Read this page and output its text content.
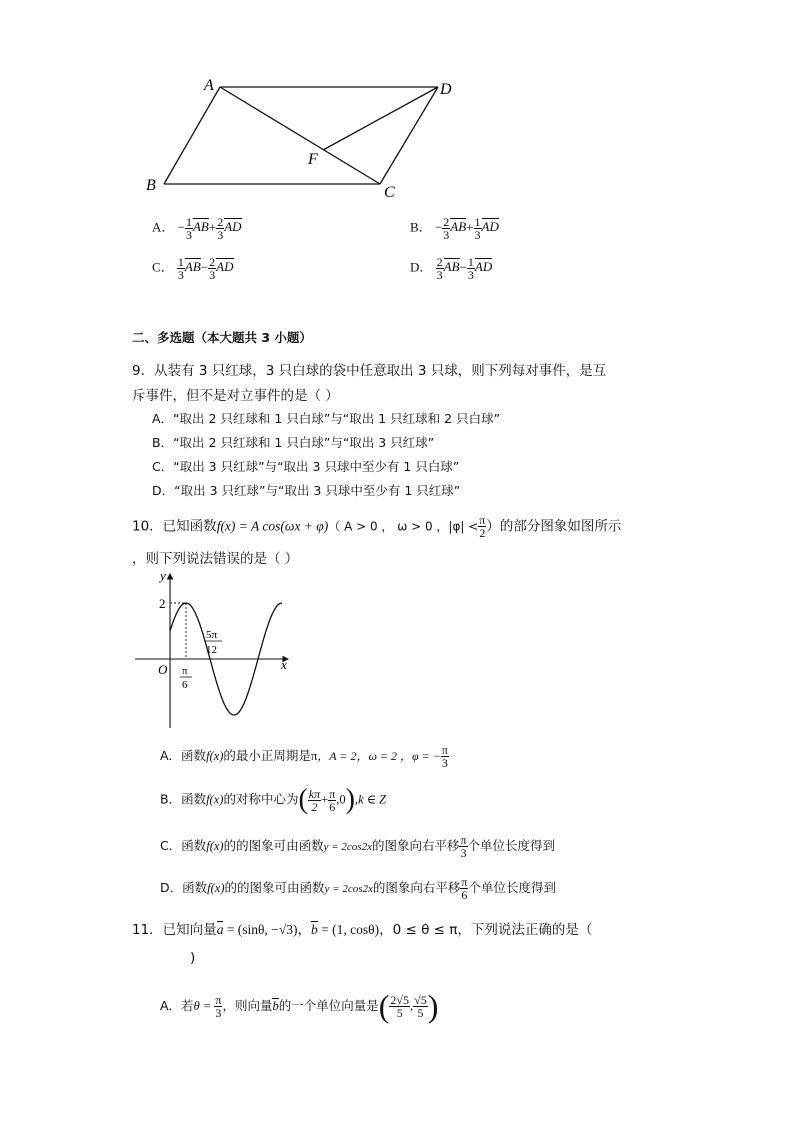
A	D
B	C
F
A． − $\frac{1}{3} AB+ \frac{2}{3}$ AD	B． − $\frac{2}{3} AB+ \frac{1}{3}$ AD
C． $\frac{1}{3} AB- \frac{2}{3}$ AD	D． $\frac{2}{3} AB- \frac{1}{3}$ AD
二、多选题（本大题共 3 小题）
9．从装有 3 只红球，3 只白球的袋中任意取出 3 只球，则下列每对事件，是互
斥事件，但不是对立事件的是（ ）
A．“取出 2 只红球和 1 只白球”与“取出 1 只红球和 2 只白球”
B．“取出 2 只红球和 1 只白球”与“取出 3 只红球”
C．“取出 3 只红球”与“取出 3 只球中至少有 1 只白球”
D．“取出 3 只红球”与“取出 3 只球中至少有 1 只红球”
10．已知函数f(x) = A cos(ωx + φ)（ A > 0 ， ω > 0 ，$|\varphi| < \frac{\pi}{2}$ ）的部分图象如图所示
，则下列说法错误的是（ ）
y
x
O
2
π
6
5π
12
A．函数f(x)的最小正周期是π，A = 2，ω = 2 ，φ = − $\frac{\pi}{3}$
B．函数f(x)的对称中心为( $\frac{k\pi}{2} + \frac{\pi}{6} ,0),k$ ∈ Z
C．函数f(x)的的图象可由函数y = 2cos2x的图象向右平移 $\frac{\pi}{3}$ 个单位长度得到
D．函数f(x)的的图象可由函数y = 2cos2x的图象向右平移 $\frac{\pi}{6}$ 个单位长度得到
11．已知向量a = (sinθ, −√3)，b = (1, cosθ)，0 ≤ θ ≤ π，下列说法正确的是（
)
A．若$\theta = \frac{\pi}{3}$ ，则向量b的一个单位向量是( $\frac{2√5}{5}$ , $\frac{√5}{5}$ )
